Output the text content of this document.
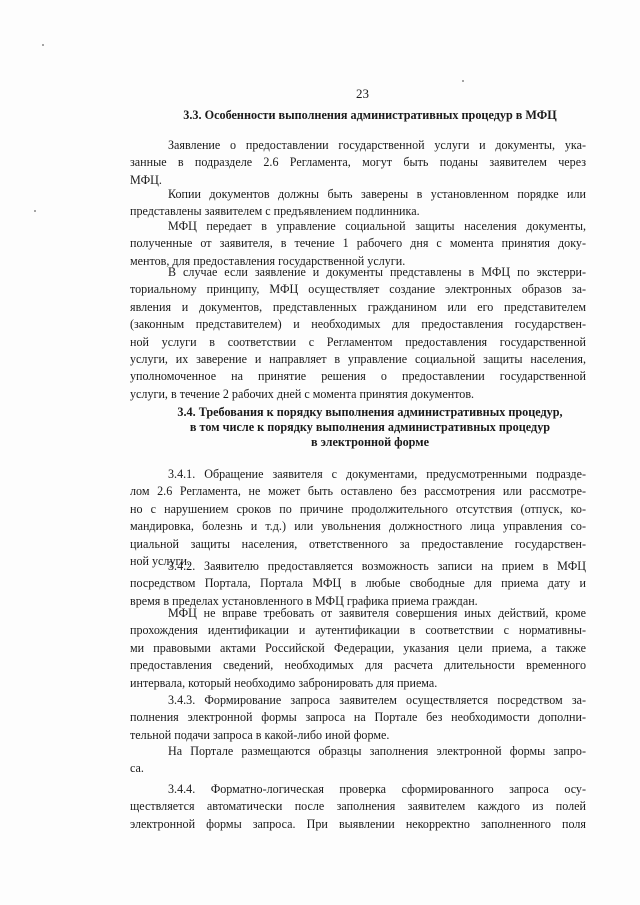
23
3.3. Особенности выполнения административных процедур в МФЦ
Заявление о предоставлении государственной услуги и документы, ука-
занные в подразделе 2.6 Регламента, могут быть поданы заявителем через
МФЦ.
Копии документов должны быть заверены в установленном порядке или
представлены заявителем с предъявлением подлинника.
МФЦ передает в управление социальной защиты населения документы,
полученные от заявителя, в течение 1 рабочего дня с момента принятия доку-
ментов, для предоставления государственной услуги.
В случае если заявление и документы представлены в МФЦ по экстерри-
ториальному принципу, МФЦ осуществляет создание электронных образов за-
явления и документов, представленных гражданином или его представителем
(законным представителем) и необходимых для предоставления государствен-
ной услуги в соответствии с Регламентом предоставления государственной
услуги, их заверение и направляет в управление социальной защиты населения,
уполномоченное на принятие решения о предоставлении государственной
услуги, в течение 2 рабочих дней с момента принятия документов.
3.4. Требования к порядку выполнения административных процедур,
в том числе к порядку выполнения административных процедур
в электронной форме
3.4.1. Обращение заявителя с документами, предусмотренными подразде-
лом 2.6 Регламента, не может быть оставлено без рассмотрения или рассмотре-
но с нарушением сроков по причине продолжительного отсутствия (отпуск, ко-
мандировка, болезнь и т.д.) или увольнения должностного лица управления со-
циальной защиты населения, ответственного за предоставление государствен-
ной услуги.
3.4.2. Заявителю предоставляется возможность записи на прием в МФЦ
посредством Портала, Портала МФЦ в любые свободные для приема дату и
время в пределах установленного в МФЦ графика приема граждан.
МФЦ не вправе требовать от заявителя совершения иных действий, кроме
прохождения идентификации и аутентификации в соответствии с нормативны-
ми правовыми актами Российской Федерации, указания цели приема, а также
предоставления сведений, необходимых для расчета длительности временного
интервала, который необходимо забронировать для приема.
3.4.3. Формирование запроса заявителем осуществляется посредством за-
полнения электронной формы запроса на Портале без необходимости дополни-
тельной подачи запроса в какой-либо иной форме.
На Портале размещаются образцы заполнения электронной формы запро-
са.
3.4.4. Форматно-логическая проверка сформированного запроса осу-
ществляется автоматически после заполнения заявителем каждого из полей
электронной формы запроса. При выявлении некорректно заполненного поля
